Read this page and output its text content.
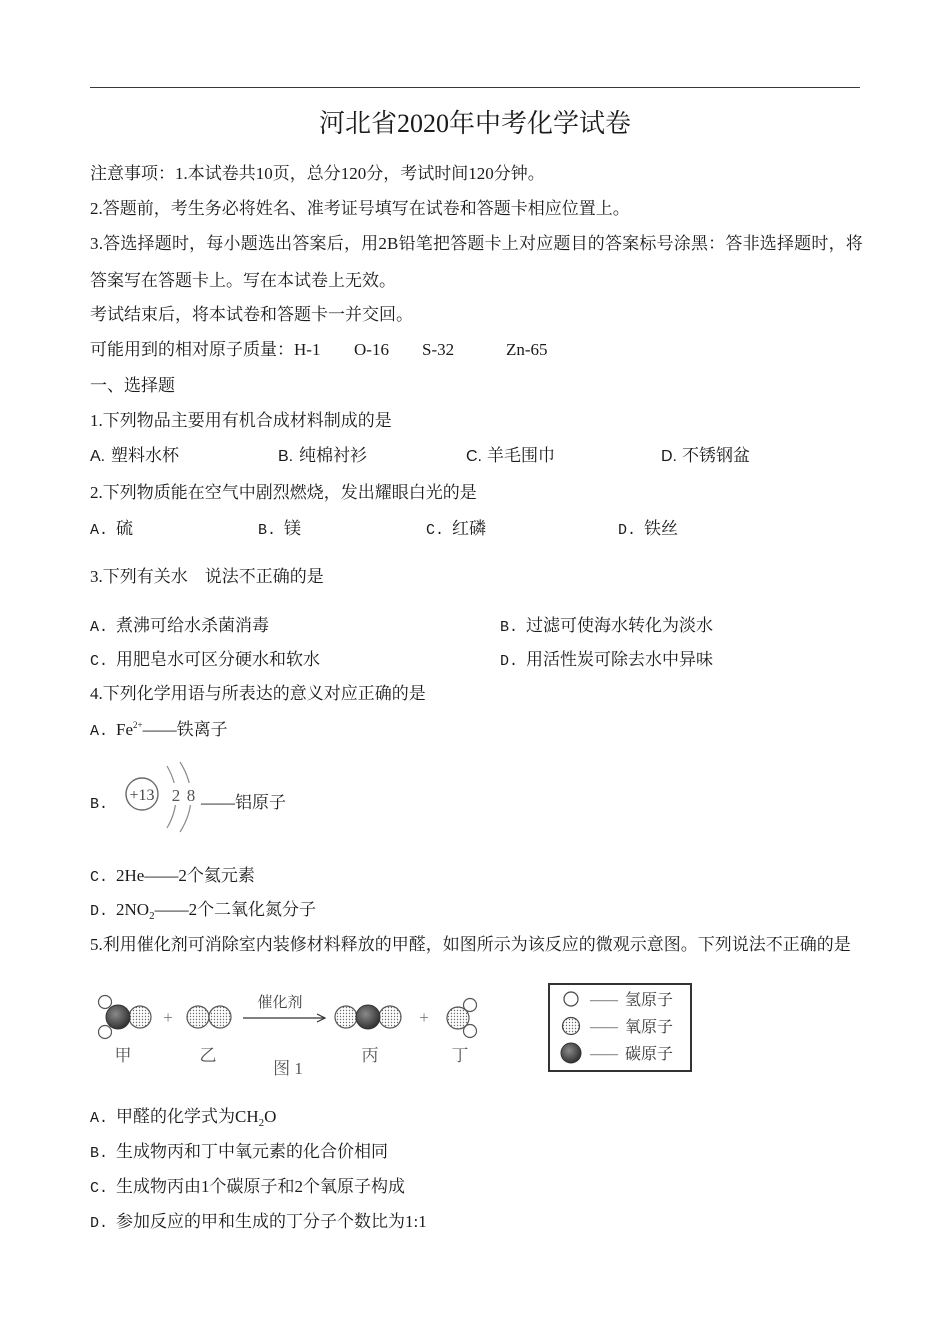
河北省2020年中考化学试卷
注意事项：1.本试卷共10页，总分120分，考试时间120分钟。
2.答题前，考生务必将姓名、准考证号填写在试卷和答题卡相应位置上。
3.答选择题时，每小题选出答案后，用2B铅笔把答题卡上对应题目的答案标号涂黑：答非选择题时，将
答案写在答题卡上。写在本试卷上无效。
考试结束后，将本试卷和答题卡一并交回。
可能用到的相对原子质量： H-1 O-16 S-32	Zn-65
一、选择题
1.下列物品主要用有机合成材料制成的是
A. 塑料水杯	B. 纯棉衬衫	C. 羊毛围巾	D. 不锈钢盆
2.下列物质能在空气中剧烈燃烧，发出耀眼白光的是
A. 硫	B. 镁	C. 红磷	D. 铁丝
3.下列有关水　说法不正确的是
A. 煮沸可给水杀菌消毒	B. 过滤可使海水转化为淡水
C. 用肥皂水可区分硬水和软水	D. 用活性炭可除去水中异味
4.下列化学用语与所表达的意义对应正确的是
A. $Fe^{2+}——$铁离子
B.
+13 2 8 ——铝原子
C. 2He——2个氦元素
D. $2NO_2——2$个二氧化氮分子
5.利用催化剂可消除室内装修材料释放的甲醛，如图所示为该反应的微观示意图。下列说法不正确的是
+
催化剂
+
甲	乙	丙	丁
图 1
—— 氢原子
—— 氧原子
—— 碳原子
A. 甲醛的化学式为$CH_2O$
B. 生成物丙和丁中氧元素的化合价相同
C. 生成物丙由1个碳原子和2个氧原子构成
D. 参加反应的甲和生成的丁分子个数比为1:1
